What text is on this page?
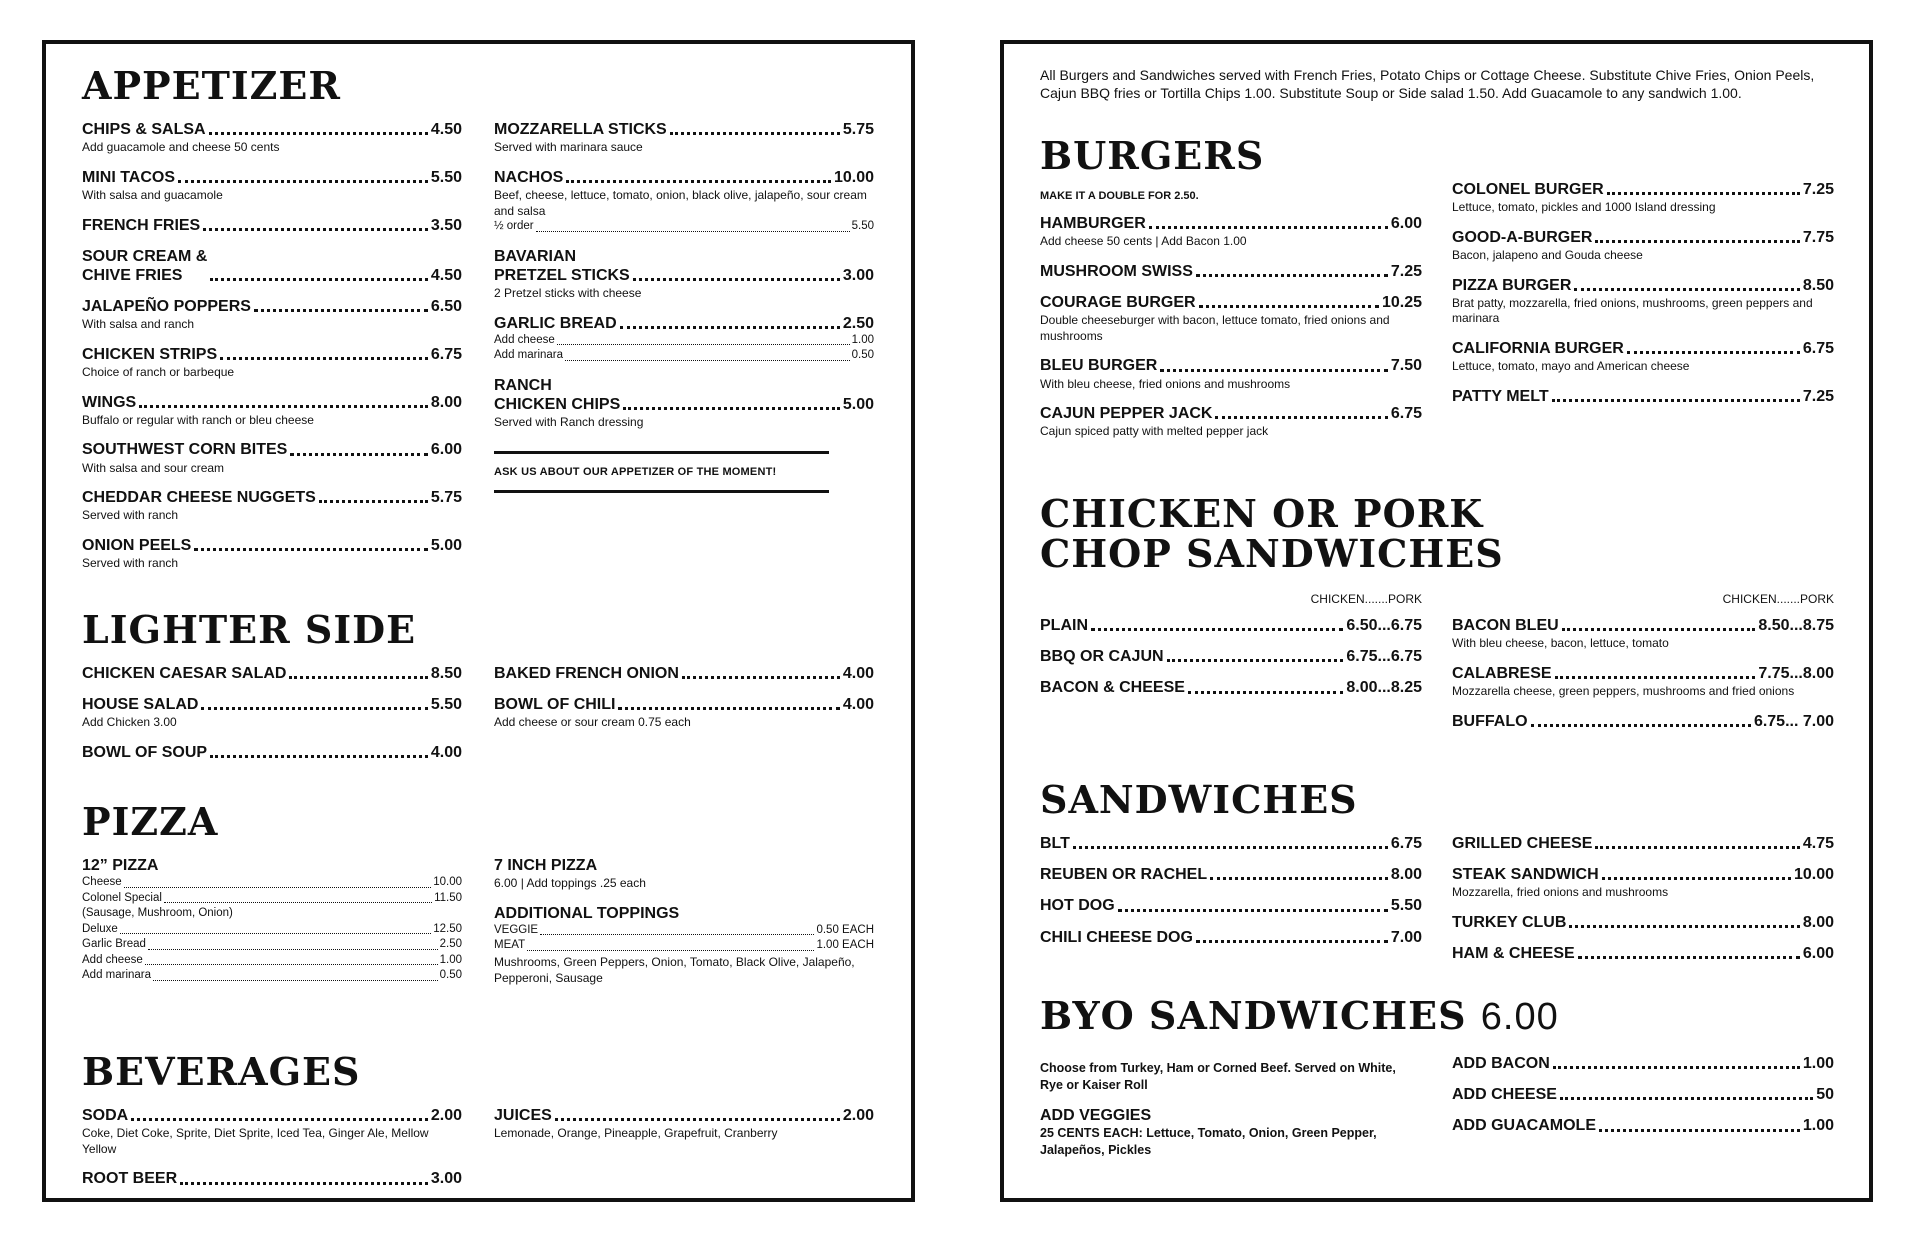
APPETIZER
CHIPS & SALSA	4.50
Add guacamole and cheese 50 cents
MINI TACOS	5.50
With salsa and guacamole
FRENCH FRIES	3.50
SOUR CREAM &
CHIVE FRIES	4.50
JALAPEÑO POPPERS	6.50
With salsa and ranch
CHICKEN STRIPS	6.75
Choice of ranch or barbeque
WINGS	8.00
Buffalo or regular with ranch or bleu cheese
SOUTHWEST CORN BITES	6.00
With salsa and sour cream
CHEDDAR CHEESE NUGGETS	5.75
Served with ranch
ONION PEELS	5.00
Served with ranch
MOZZARELLA STICKS	5.75
Served with marinara sauce
NACHOS	10.00
Beef, cheese, lettuce, tomato, onion, black olive, jalapeño, sour cream and salsa
½ order	5.50
BAVARIAN
PRETZEL STICKS	3.00
2 Pretzel sticks with cheese
GARLIC BREAD	2.50
Add cheese	1.00
Add marinara	0.50
RANCH
CHICKEN CHIPS	5.00
Served with Ranch dressing
ASK US ABOUT OUR APPETIZER OF THE MOMENT!
LIGHTER SIDE
CHICKEN CAESAR SALAD	8.50
HOUSE SALAD	5.50
Add Chicken 3.00
BOWL OF SOUP	4.00
BAKED FRENCH ONION	4.00
BOWL OF CHILI	4.00
Add cheese or sour cream 0.75 each
PIZZA
12” PIZZA
Cheese	10.00
Colonel Special	11.50
(Sausage, Mushroom, Onion)
Deluxe	12.50
Garlic Bread	2.50
Add cheese	1.00
Add marinara	0.50
7 INCH PIZZA
6.00 | Add toppings .25 each
ADDITIONAL TOPPINGS
VEGGIE	0.50 EACH
MEAT	1.00 EACH
Mushrooms, Green Peppers, Onion, Tomato, Black Olive, Jalapeño, Pepperoni, Sausage
BEVERAGES
SODA	2.00
Coke, Diet Coke, Sprite, Diet Sprite, Iced Tea, Ginger Ale, Mellow Yellow
ROOT BEER	3.00
JUICES	2.00
Lemonade, Orange, Pineapple, Grapefruit, Cranberry
All Burgers and Sandwiches served with French Fries, Potato Chips or Cottage Cheese. Substitute Chive Fries, Onion Peels, Cajun BBQ fries or Tortilla Chips 1.00. Substitute Soup or Side salad 1.50. Add Guacamole to any sandwich 1.00.
BURGERS
MAKE IT A DOUBLE FOR 2.50.
HAMBURGER	6.00
Add cheese 50 cents | Add Bacon 1.00
MUSHROOM SWISS	7.25
COURAGE BURGER	10.25
Double cheeseburger with bacon, lettuce tomato, fried onions and mushrooms
BLEU BURGER	7.50
With bleu cheese, fried onions and mushrooms
CAJUN PEPPER JACK	6.75
Cajun spiced patty with melted pepper jack
COLONEL BURGER	7.25
Lettuce, tomato, pickles and 1000 Island dressing
GOOD-A-BURGER	7.75
Bacon, jalapeno and Gouda cheese
PIZZA BURGER	8.50
Brat patty, mozzarella, fried onions, mushrooms, green peppers and marinara
CALIFORNIA BURGER	6.75
Lettuce, tomato, mayo and American cheese
PATTY MELT	7.25
CHICKEN OR PORK
CHOP SANDWICHES
CHICKEN.......PORK
PLAIN	6.50...6.75
BBQ OR CAJUN	6.75...6.75
BACON & CHEESE	8.00...8.25
CHICKEN.......PORK
BACON BLEU	8.50...8.75
With bleu cheese, bacon, lettuce, tomato
CALABRESE	7.75...8.00
Mozzarella cheese, green peppers, mushrooms and fried onions
BUFFALO	6.75... 7.00
SANDWICHES
BLT	6.75
REUBEN OR RACHEL	8.00
HOT DOG	5.50
CHILI CHEESE DOG	7.00
GRILLED CHEESE	4.75
STEAK SANDWICH	10.00
Mozzarella, fried onions and mushrooms
TURKEY CLUB	8.00
HAM & CHEESE	6.00
BYO SANDWICHES 6.00
Choose from Turkey, Ham or Corned Beef. Served on White, Rye or Kaiser Roll
ADD VEGGIES
25 CENTS EACH: Lettuce, Tomato, Onion, Green Pepper, Jalapeños, Pickles
ADD BACON	1.00
ADD CHEESE	50
ADD GUACAMOLE	1.00
